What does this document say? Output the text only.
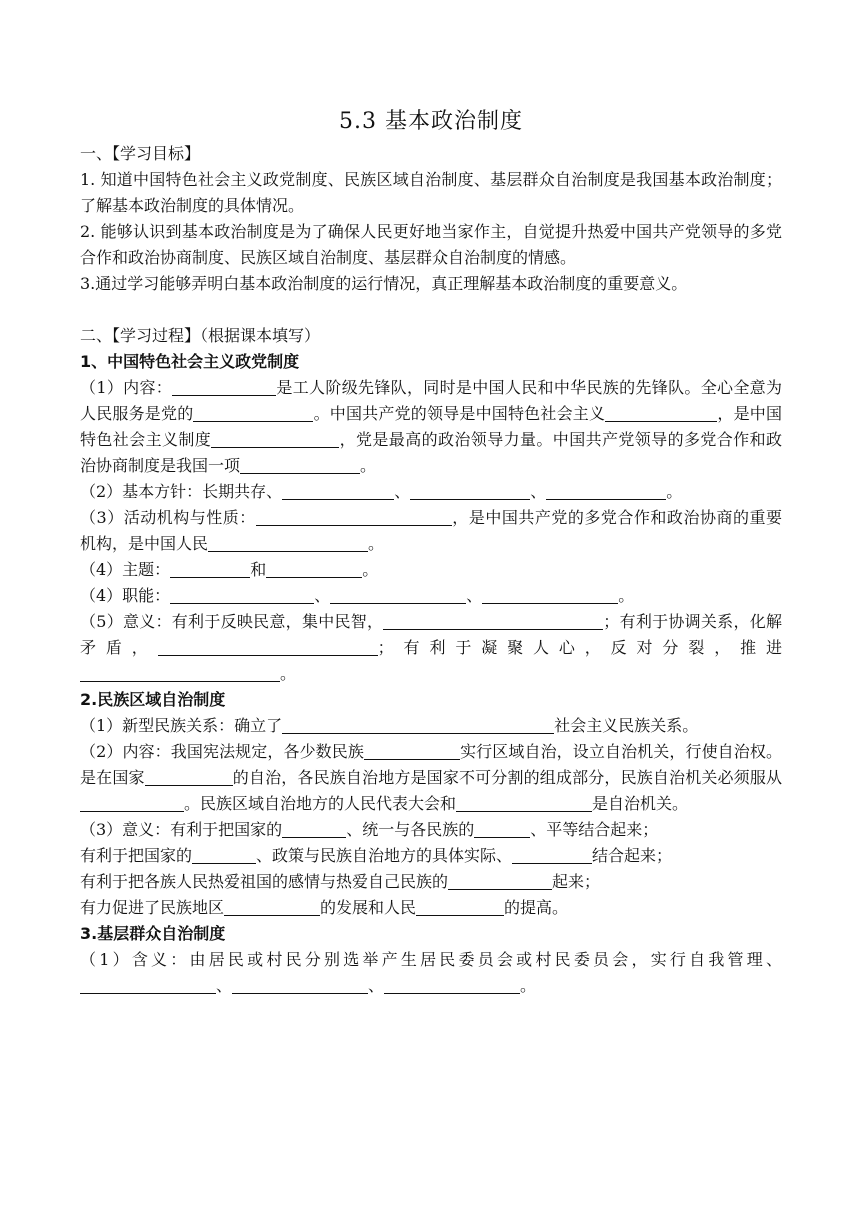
5.3 基本政治制度

一、【学习目标】

1. 知道中国特色社会主义政党制度、民族区域自治制度、基层群众自治制度是我国基本政治制度；了解基本政治制度的具体情况。

2. 能够认识到基本政治制度是为了确保人民更好地当家作主，自觉提升热爱中国共产党领导的多党合作和政治协商制度、民族区域自治制度、基层群众自治制度的情感。

3.通过学习能够弄明白基本政治制度的运行情况，真正理解基本政治制度的重要意义。

二、【学习过程】（根据课本填写）

1、中国特色社会主义政党制度

（1）内容：	是工人阶级先锋队，同时是中国人民和中华民族的先锋队。全心全意为人民服务是党的	。中国共产党的领导是中国特色社会主义	，是中国特色社会主义制度	，党是最高的政治领导力量。中国共产党领导的多党合作和政治协商制度是我国一项	。

（2）基本方针：长期共存、	、	、	。

（3）活动机构与性质：	，是中国共产党的多党合作和政治协商的重要机构，是中国人民	。

（4）主题：	和	。

（4）职能：	、	、	。

（5）意义：有利于反映民意，集中民智，	；有利于协调关系，化解矛盾，	；有利于凝聚人心，反对分裂，推进。

2.民族区域自治制度

（1）新型民族关系：确立了	社会主义民族关系。

（2）内容：我国宪法规定，各少数民族	实行区域自治，设立自治机关，行使自治权。是在国家	的自治，各民族自治地方是国家不可分割的组成部分，民族自治机关必须服从。民族区域自治地方的人民代表大会和	是自治机关。

（3）意义：有利于把国家的	、统一与各民族的	、平等结合起来；

有利于把国家的	、政策与民族自治地方的具体实际、	结合起来；

有利于把各族人民热爱祖国的感情与热爱自己民族的	起来；

有力促进了民族地区	的发展和人民	的提高。

3.基层群众自治制度

（1）含义：由居民或村民分别选举产生居民委员会或村民委员会，实行自我管理、、	、	。
